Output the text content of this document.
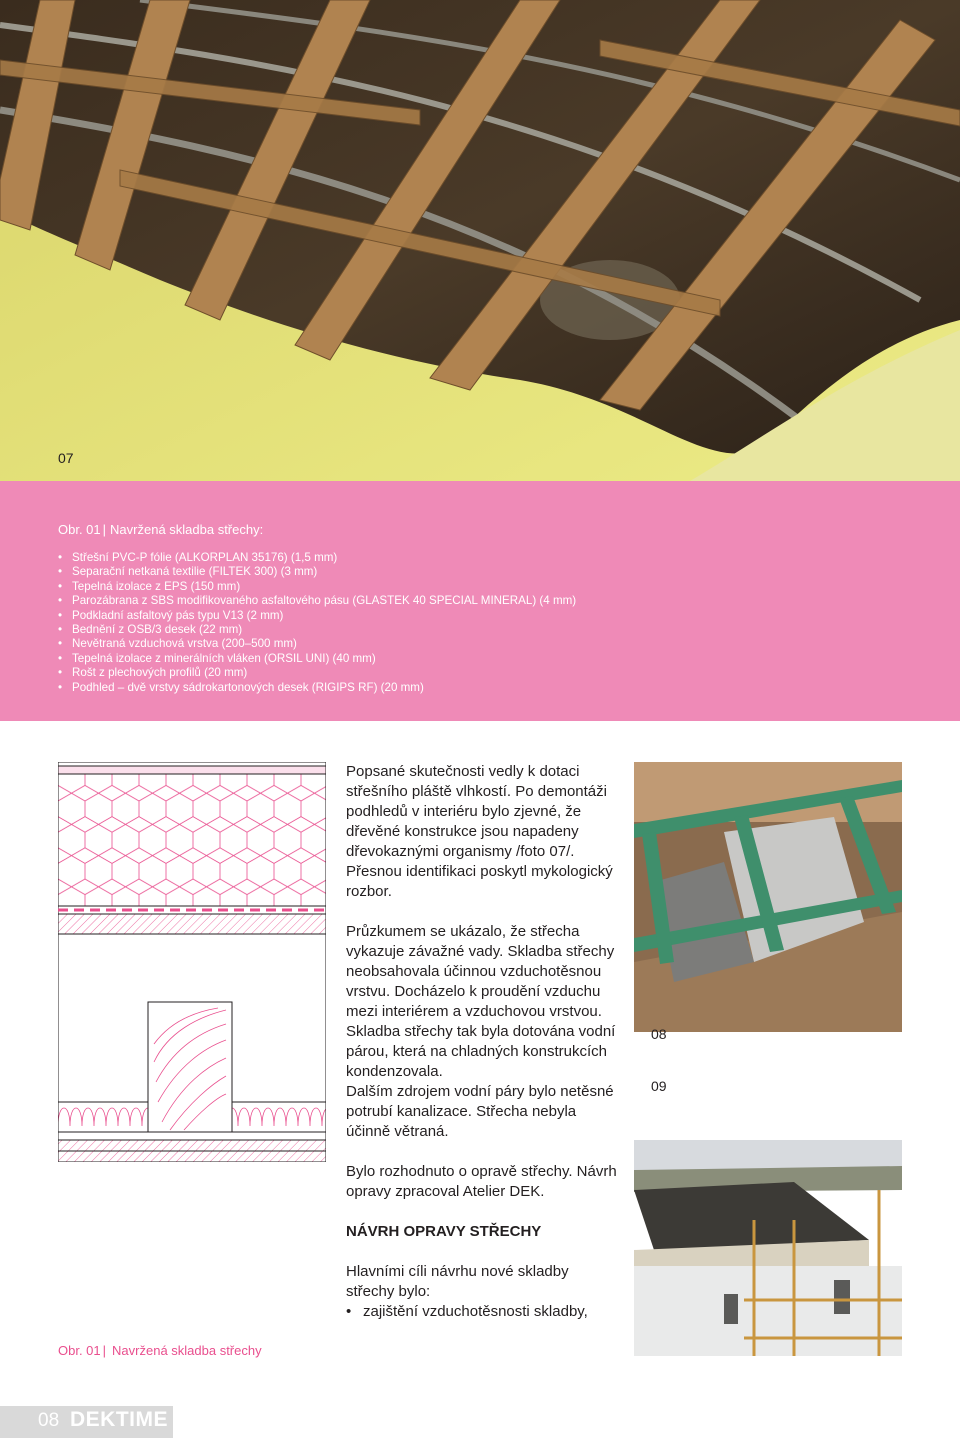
07
Obr. 01 | Navržená skladba střechy:
• Střešní PVC-P fólie (ALKORPLAN 35176) (1,5 mm)
• Separační netkaná textilie (FILTEK 300) (3 mm)
• Tepelná izolace z EPS (150 mm)
• Parozábrana z SBS modifikovaného asfaltového pásu (GLASTEK 40 SPECIAL MINERAL) (4 mm)
• Podkladní asfaltový pás typu V13 (2 mm)
• Bednění z OSB/3 desek (22 mm)
• Nevětraná vzduchová vrstva (200–500 mm)
• Tepelná izolace z minerálních vláken (ORSIL UNI) (40 mm)
• Rošt z plechových profilů (20 mm)
• Podhled – dvě vrstvy sádrokartonových desek (RIGIPS RF) (20 mm)

Popsané skutečnosti vedly k dotaci střešního pláště vlhkostí. Po demontáži podhledů v interiéru bylo zjevné, že dřevěné konstrukce jsou napadeny dřevokaznými organismy /foto 07/. Přesnou identifikaci poskytl mykologický rozbor.

Průzkumem se ukázalo, že střecha vykazuje závažné vady. Skladba střechy neobsahovala účinnou vzduchotěsnou vrstvu. Docházelo k proudění vzduchu mezi interiérem a vzduchovou vrstvou.

Skladba střechy tak byla dotována vodní párou, která na chladných konstrukcích kondenzovala.

Dalším zdrojem vodní páry bylo netěsné potrubí kanalizace. Střecha nebyla účinně větraná.

Bylo rozhodnuto o opravě střechy. Návrh opravy zpracoval Atelier DEK.

NÁVRH OPRAVY STŘECHY

Hlavními cíli návrhu nové skladby střechy bylo:

• zajištění vzduchotěsnosti skladby,
08
09
Obr. 01 | Navržená skladba střechy
08 DEKTIME
